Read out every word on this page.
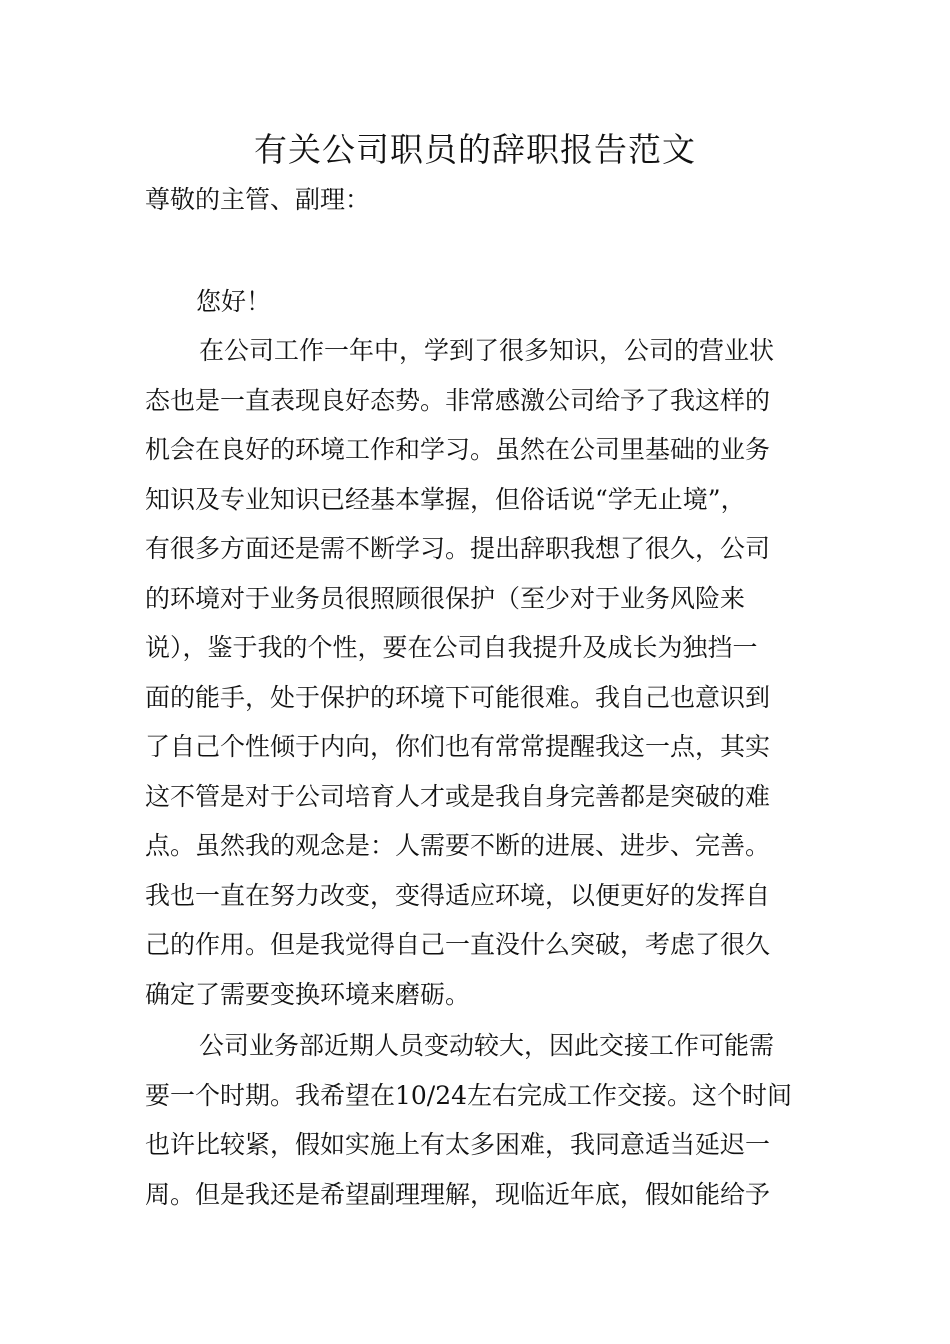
有关公司职员的辞职报告范文

尊敬的主管、副理：

您好！

在公司工作一年中，学到了很多知识，公司的营业状
态也是一直表现良好态势。非常感激公司给予了我这样的
机会在良好的环境工作和学习。虽然在公司里基础的业务
知识及专业知识已经基本掌握，但俗话说“学无止境”，
有很多方面还是需不断学习。提出辞职我想了很久，公司
的环境对于业务员很照顾很保护（至少对于业务风险来
说），鉴于我的个性，要在公司自我提升及成长为独挡一
面的能手，处于保护的环境下可能很难。我自己也意识到
了自己个性倾于内向，你们也有常常提醒我这一点，其实
这不管是对于公司培育人才或是我自身完善都是突破的难
点。虽然我的观念是：人需要不断的进展、进步、完善。
我也一直在努力改变，变得适应环境，以便更好的发挥自
己的作用。但是我觉得自己一直没什么突破，考虑了很久
确定了需要变换环境来磨砺。
公司业务部近期人员变动较大，因此交接工作可能需
要一个时期。我希望在10/24左右完成工作交接。这个时间
也许比较紧，假如实施上有太多困难，我同意适当延迟一
周。但是我还是希望副理理解，现临近年底，假如能给予
